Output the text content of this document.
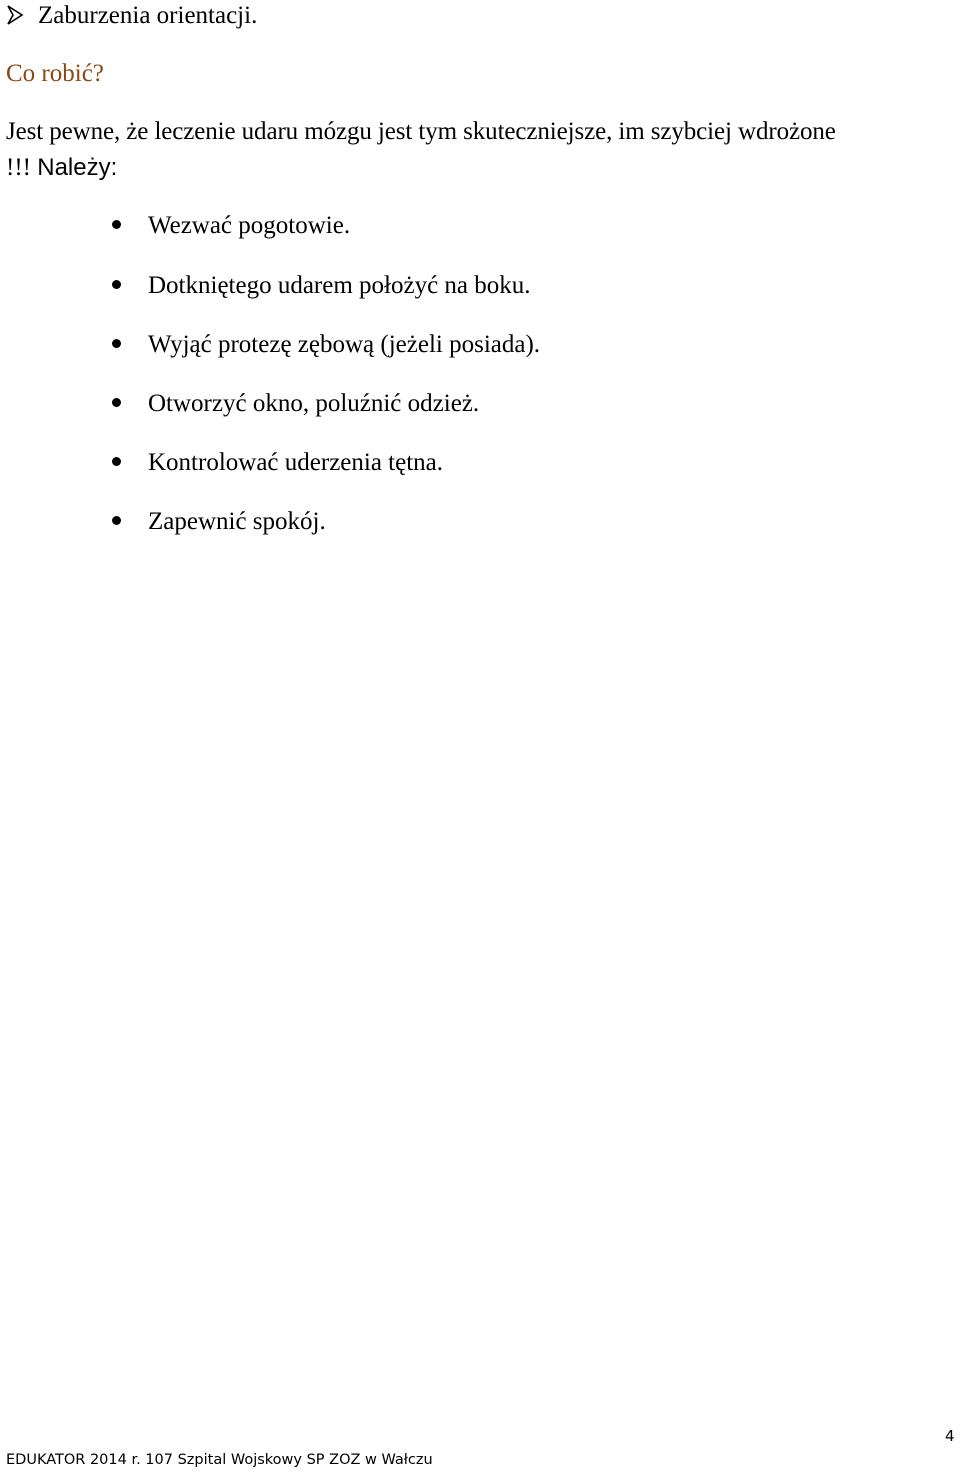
Zaburzenia orientacji.
Co robić?
Jest pewne, że leczenie udaru mózgu jest tym skuteczniejsze, im szybciej wdrożone
!!! Należy:
Wezwać pogotowie.
Dotkniętego udarem położyć na boku.
Wyjąć protezę zębową (jeżeli posiada).
Otworzyć okno, poluźnić odzież.
Kontrolować uderzenia tętna.
Zapewnić spokój.
4
EDUKATOR 2014 r. 107 Szpital Wojskowy SP ZOZ w Wałczu
